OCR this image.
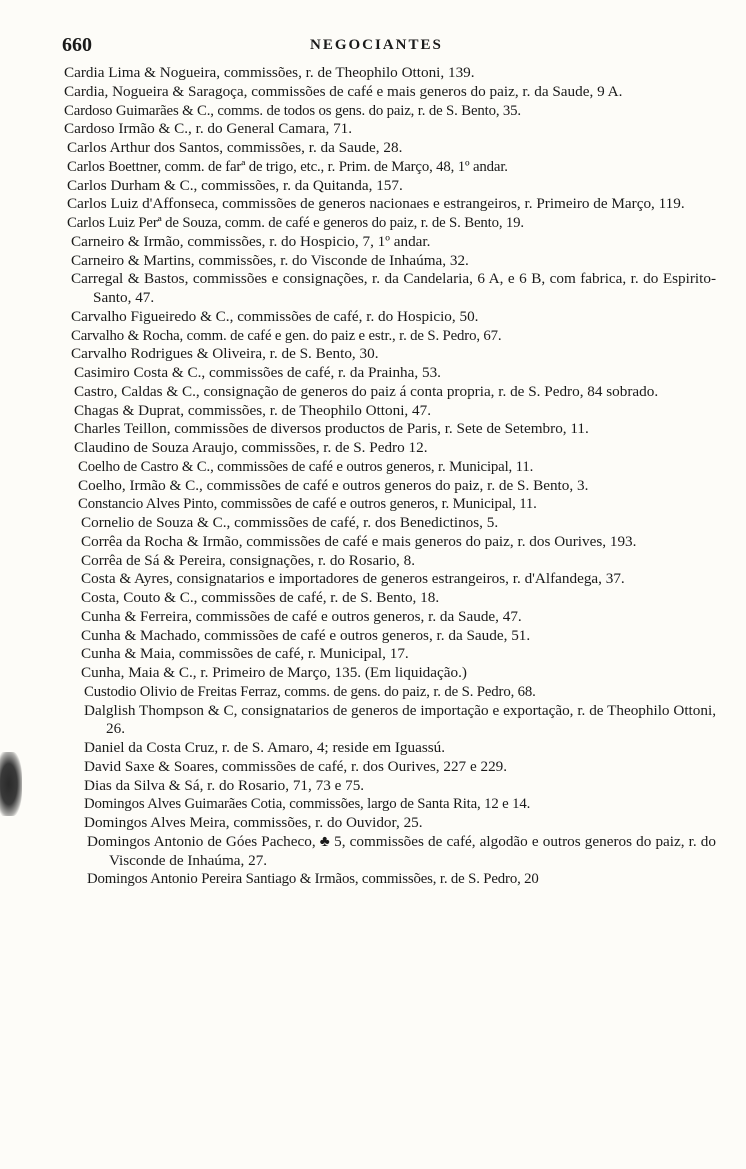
660	NEGOCIANTES

Cardia Lima & Nogueira, commissões, r. de Theophilo Ottoni, 139.

Cardia, Nogueira & Saragoça, commissões de café e mais generos do paiz, r. da Saude, 9 A.

Cardoso Guimarães & C., comms. de todos os gens. do paiz, r. de S. Bento, 35.

Cardoso Irmão & C., r. do General Camara, 71.

Carlos Arthur dos Santos, commissões, r. da Saude, 28.

Carlos Boettner, comm. de farª de trigo, etc., r. Prim. de Março, 48, 1º andar.

Carlos Durham & C., commissões, r. da Quitanda, 157.

Carlos Luiz d'Affonseca, commissões de generos nacionaes e estrangeiros, r. Primeiro de Março, 119.

Carlos Luiz Perª de Souza, comm. de café e generos do paiz, r. de S. Bento, 19.

Carneiro & Irmão, commissões, r. do Hospicio, 7, 1º andar.

Carneiro & Martins, commissões, r. do Visconde de Inhaúma, 32.

Carregal & Bastos, commissões e consignações, r. da Candelaria, 6 A, e 6 B, com fabrica, r. do Espirito-Santo, 47.

Carvalho Figueiredo & C., commissões de café, r. do Hospicio, 50.

Carvalho & Rocha, comm. de café e gen. do paiz e estr., r. de S. Pedro, 67.

Carvalho Rodrigues & Oliveira, r. de S. Bento, 30.

Casimiro Costa & C., commissões de café, r. da Prainha, 53.

Castro, Caldas & C., consignação de generos do paiz á conta propria, r. de S. Pedro, 84 sobrado.

Chagas & Duprat, commissões, r. de Theophilo Ottoni, 47.

Charles Teillon, commissões de diversos productos de Paris, r. Sete de Setembro, 11.

Claudino de Souza Araujo, commissões, r. de S. Pedro 12.

Coelho de Castro & C., commissões de café e outros generos, r. Municipal, 11.

Coelho, Irmão & C., commissões de café e outros generos do paiz, r. de S. Bento, 3.

Constancio Alves Pinto, commissões de café e outros generos, r. Municipal, 11.

Cornelio de Souza & C., commissões de café, r. dos Benedictinos, 5.

Corrêa da Rocha & Irmão, commissões de café e mais generos do paiz, r. dos Ourives, 193.

Corrêa de Sá & Pereira, consignações, r. do Rosario, 8.

Costa & Ayres, consignatarios e importadores de generos estrangeiros, r. d'Alfandega, 37.

Costa, Couto & C., commissões de café, r. de S. Bento, 18.

Cunha & Ferreira, commissões de café e outros generos, r. da Saude, 47.

Cunha & Machado, commissões de café e outros generos, r. da Saude, 51.

Cunha & Maia, commissões de café, r. Municipal, 17.

Cunha, Maia & C., r. Primeiro de Março, 135. (Em liquidação.)

Custodio Olivio de Freitas Ferraz, comms. de gens. do paiz, r. de S. Pedro, 68.

Dalglish Thompson & C, consignatarios de generos de importação e exportação, r. de Theophilo Ottoni, 26.

Daniel da Costa Cruz, r. de S. Amaro, 4; reside em Iguassú.

David Saxe & Soares, commissões de café, r. dos Ourives, 227 e 229.

Dias da Silva & Sá, r. do Rosario, 71, 73 e 75.

Domingos Alves Guimarães Cotia, commissões, largo de Santa Rita, 12 e 14.

Domingos Alves Meira, commissões, r. do Ouvidor, 25.

Domingos Antonio de Góes Pacheco, ♣ 5, commissões de café, algodão e outros generos do paiz, r. do Visconde de Inhaúma, 27.

Domingos Antonio Pereira Santiago & Irmãos, commissões, r. de S. Pedro, 20
